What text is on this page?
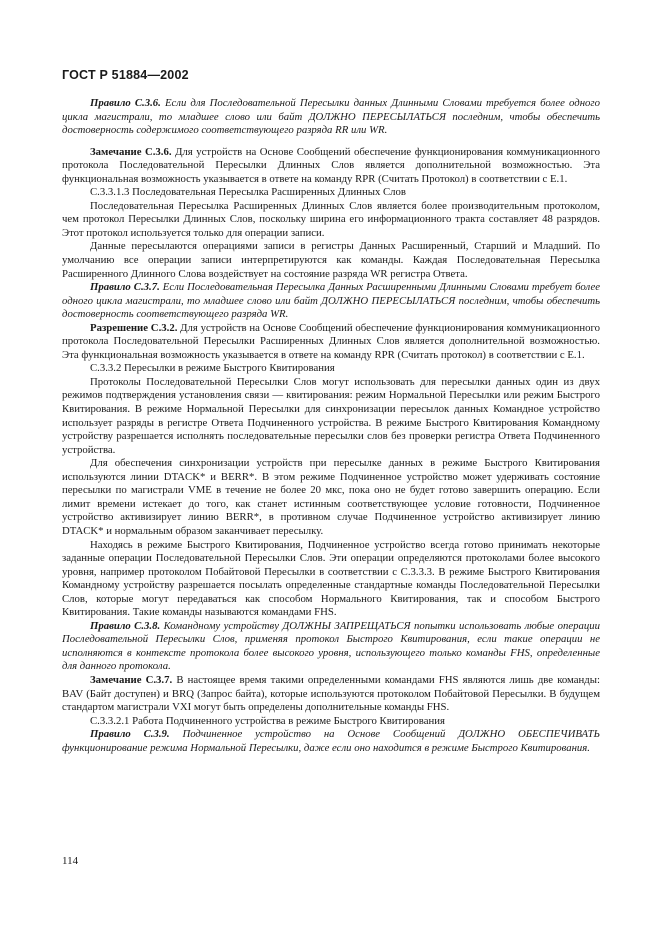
ГОСТ Р 51884—2002

Правило С.3.6. Если для Последовательной Пересылки данных Длинными Словами требуется более одного цикла магистрали, то младшее слово или байт ДОЛЖНО ПЕРЕСЫЛАТЬСЯ последним, чтобы обеспечить достоверность содержимого соответствующего разряда RR или WR.

Замечание С.3.6. Для устройств на Основе Сообщений обеспечение функционирования коммуникационного протокола Последовательной Пересылки Длинных Слов является дополнительной возможностью. Эта функциональная возможность указывается в ответе на команду RPR (Считать Протокол) в соответствии с Е.1.

С.3.3.1.3 Последовательная Пересылка Расширенных Длинных Слов

Последовательная Пересылка Расширенных Длинных Слов является более производительным протоколом, чем протокол Пересылки Длинных Слов, поскольку ширина его информационного тракта составляет 48 разрядов. Этот протокол используется только для операции записи.

Данные пересылаются операциями записи в регистры Данных Расширенный, Старший и Младший. По умолчанию все операции записи интерпретируются как команды. Каждая Последовательная Пересылка Расширенного Длинного Слова воздействует на состояние разряда WR регистра Ответа.

Правило С.3.7. Если Последовательная Пересылка Данных Расширенными Длинными Словами требует более одного цикла магистрали, то младшее слово или байт ДОЛЖНО ПЕРЕСЫЛАТЬСЯ последним, чтобы обеспечить достоверность соответствующего разряда WR.

Разрешение С.3.2. Для устройств на Основе Сообщений обеспечение функционирования коммуникационного протокола Последовательной Пересылки Расширенных Длинных Слов является дополнительной возможностью. Эта функциональная возможность указывается в ответе на команду RPR (Считать протокол) в соответствии с Е.1.

С.3.3.2 Пересылки в режиме Быстрого Квитирования

Протоколы Последовательной Пересылки Слов могут использовать для пересылки данных один из двух режимов подтверждения установления связи — квитирования: режим Нормальной Пересылки или режим Быстрого Квитирования. В режиме Нормальной Пересылки для синхронизации пересылок данных Командное устройство использует разряды в регистре Ответа Подчиненного устройства. В режиме Быстрого Квитирования Командному устройству разрешается исполнять последовательные пересылки слов без проверки регистра Ответа Подчиненного устройства.

Для обеспечения синхронизации устройств при пересылке данных в режиме Быстрого Квитирования используются линии DTACK* и BERR*. В этом режиме Подчиненное устройство может удерживать состояние пересылки по магистрали VME в течение не более 20 мкс, пока оно не будет готово завершить операцию. Если лимит времени истекает до того, как станет истинным соответствующее условие готовности, Подчиненное устройство активизирует линию BERR*, в противном случае Подчиненное устройство активизирует линию DTACK* и нормальным образом заканчивает пересылку.

Находясь в режиме Быстрого Квитирования, Подчиненное устройство всегда готово принимать некоторые заданные операции Последовательной Пересылки Слов. Эти операции определяются протоколами более высокого уровня, например протоколом Побайтовой Пересылки в соответствии с С.3.3.3. В режиме Быстрого Квитирования Командному устройству разрешается посылать определенные стандартные команды Последовательной Пересылки Слов, которые могут передаваться как способом Нормального Квитирования, так и способом Быстрого Квитирования. Такие команды называются командами FHS.

Правило С.3.8. Командному устройству ДОЛЖНЫ ЗАПРЕЩАТЬСЯ попытки использовать любые операции Последовательной Пересылки Слов, применяя протокол Быстрого Квитирования, если такие операции не исполняются в контексте протокола более высокого уровня, использующего только команды FHS, определенные для данного протокола.

Замечание С.3.7. В настоящее время такими определенными командами FHS являются лишь две команды: BAV (Байт доступен) и BRQ (Запрос байта), которые используются протоколом Побайтовой Пересылки. В будущем стандартом магистрали VXI могут быть определены дополнительные команды FHS.

С.3.3.2.1 Работа Подчиненного устройства в режиме Быстрого Квитирования

Правило С.3.9. Подчиненное устройство на Основе Сообщений ДОЛЖНО ОБЕСПЕЧИВАТЬ функционирование режима Нормальной Пересылки, даже если оно находится в режиме Быстрого Квитирования.

114
